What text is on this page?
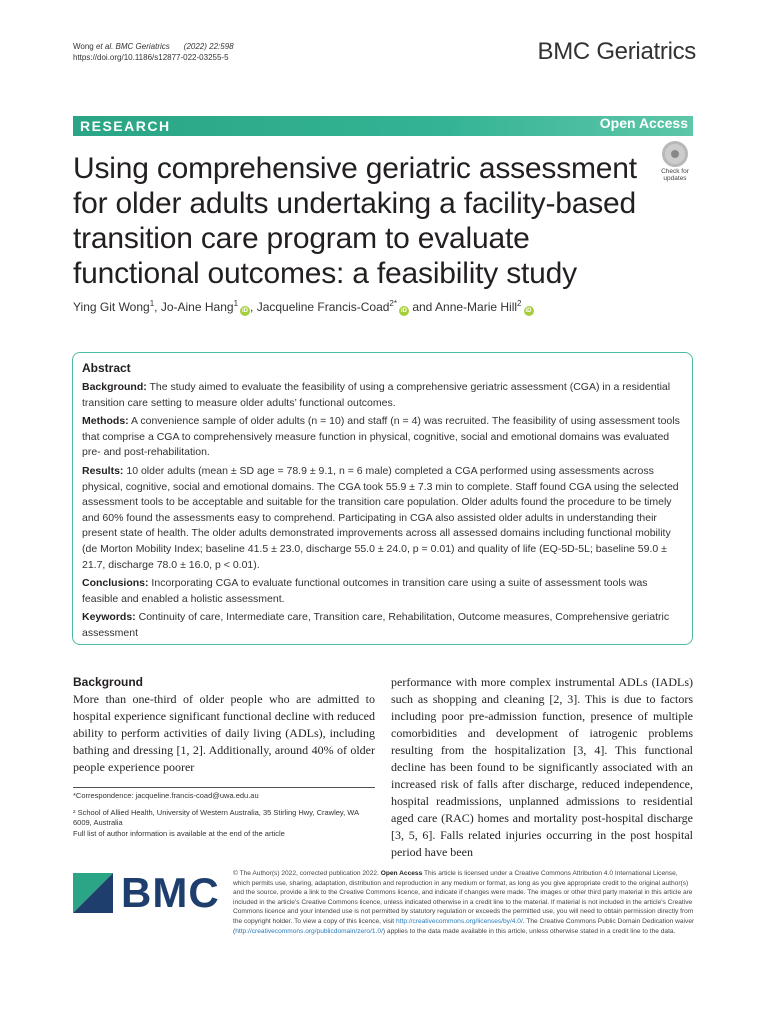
Wong et al. BMC Geriatrics (2022) 22:598
https://doi.org/10.1186/s12877-022-03255-5	BMC Geriatrics
RESEARCH	Open Access
Check for
updates
Using comprehensive geriatric assessment for older adults undertaking a facility-based transition care program to evaluate functional outcomes: a feasibility study
Ying Git Wong$^1$, Jo-Aine Hang$^1$iD , Jacqueline Francis-Coad$^{2*}$iD and Anne-Marie Hill$^2$iD
Abstract

Background: The study aimed to evaluate the feasibility of using a comprehensive geriatric assessment (CGA) in a residential transition care setting to measure older adults’ functional outcomes.

Methods: A convenience sample of older adults (n = 10) and staff (n = 4) was recruited. The feasibility of using assessment tools that comprise a CGA to comprehensively measure function in physical, cognitive, social and emotional domains was evaluated pre- and post-rehabilitation.

Results: 10 older adults (mean ± SD age = 78.9 ± 9.1, n = 6 male) completed a CGA performed using assessments across physical, cognitive, social and emotional domains. The CGA took 55.9 ± 7.3 min to complete. Staff found CGA using the selected assessment tools to be acceptable and suitable for the transition care population. Older adults found the procedure to be timely and 60% found the assessments easy to comprehend. Participating in CGA also assisted older adults in understanding their present state of health. The older adults demonstrated improvements across all assessed domains including functional mobility (de Morton Mobility Index; baseline 41.5 ± 23.0, discharge 55.0 ± 24.0, p = 0.01) and quality of life (EQ-5D-5L; baseline 59.0 ± 21.7, discharge 78.0 ± 16.0, p < 0.01).

Conclusions: Incorporating CGA to evaluate functional outcomes in transition care using a suite of assessment tools was feasible and enabled a holistic assessment.

Keywords: Continuity of care, Intermediate care, Transition care, Rehabilitation, Outcome measures, Comprehensive geriatric assessment

Background

More than one-third of older people who are admitted to hospital experience significant functional decline with reduced ability to perform activities of daily living (ADLs), including bathing and dressing [1, 2]. Additionally, around 40% of older people experience poorer

performance with more complex instrumental ADLs (IADLs) such as shopping and cleaning [2, 3]. This is due to factors including poor pre-admission function, presence of multiple comorbidities and development of iatrogenic problems resulting from the hospitalization [3, 4]. This functional decline has been found to be significantly associated with an increased risk of falls after discharge, reduced independence, hospital readmissions, unplanned admissions to residential aged care (RAC) homes and mortality post-hospital discharge [3, 5, 6]. Falls related injuries occurring in the post hospital period have been

*Correspondence: jacqueline.francis-coad@uwa.edu.au

² School of Allied Health, University of Western Australia, 35 Stirling Hwy, Crawley, WA 6009, Australia

Full list of author information is available at the end of the article

BMC © The Author(s) 2022, corrected publication 2022. Open Access This article is licensed under a Creative Commons Attribution 4.0 International License, which permits use, sharing, adaptation, distribution and reproduction in any medium or format, as long as you give appropriate credit to the original author(s) and the source, provide a link to the Creative Commons licence, and indicate if changes were made. The images or other third party material in this article are included in the article's Creative Commons licence, unless indicated otherwise in a credit line to the material. If material is not included in the article's Creative Commons licence and your intended use is not permitted by statutory regulation or exceeds the permitted use, you will need to obtain permission directly from the copyright holder. To view a copy of this licence, visit http://creativecommons.org/licenses/by/4.0/. The Creative Commons Public Domain Dedication waiver (http://creativecommons.org/publicdomain/zero/1.0/) applies to the data made available in this article, unless otherwise stated in a credit line to the data.
